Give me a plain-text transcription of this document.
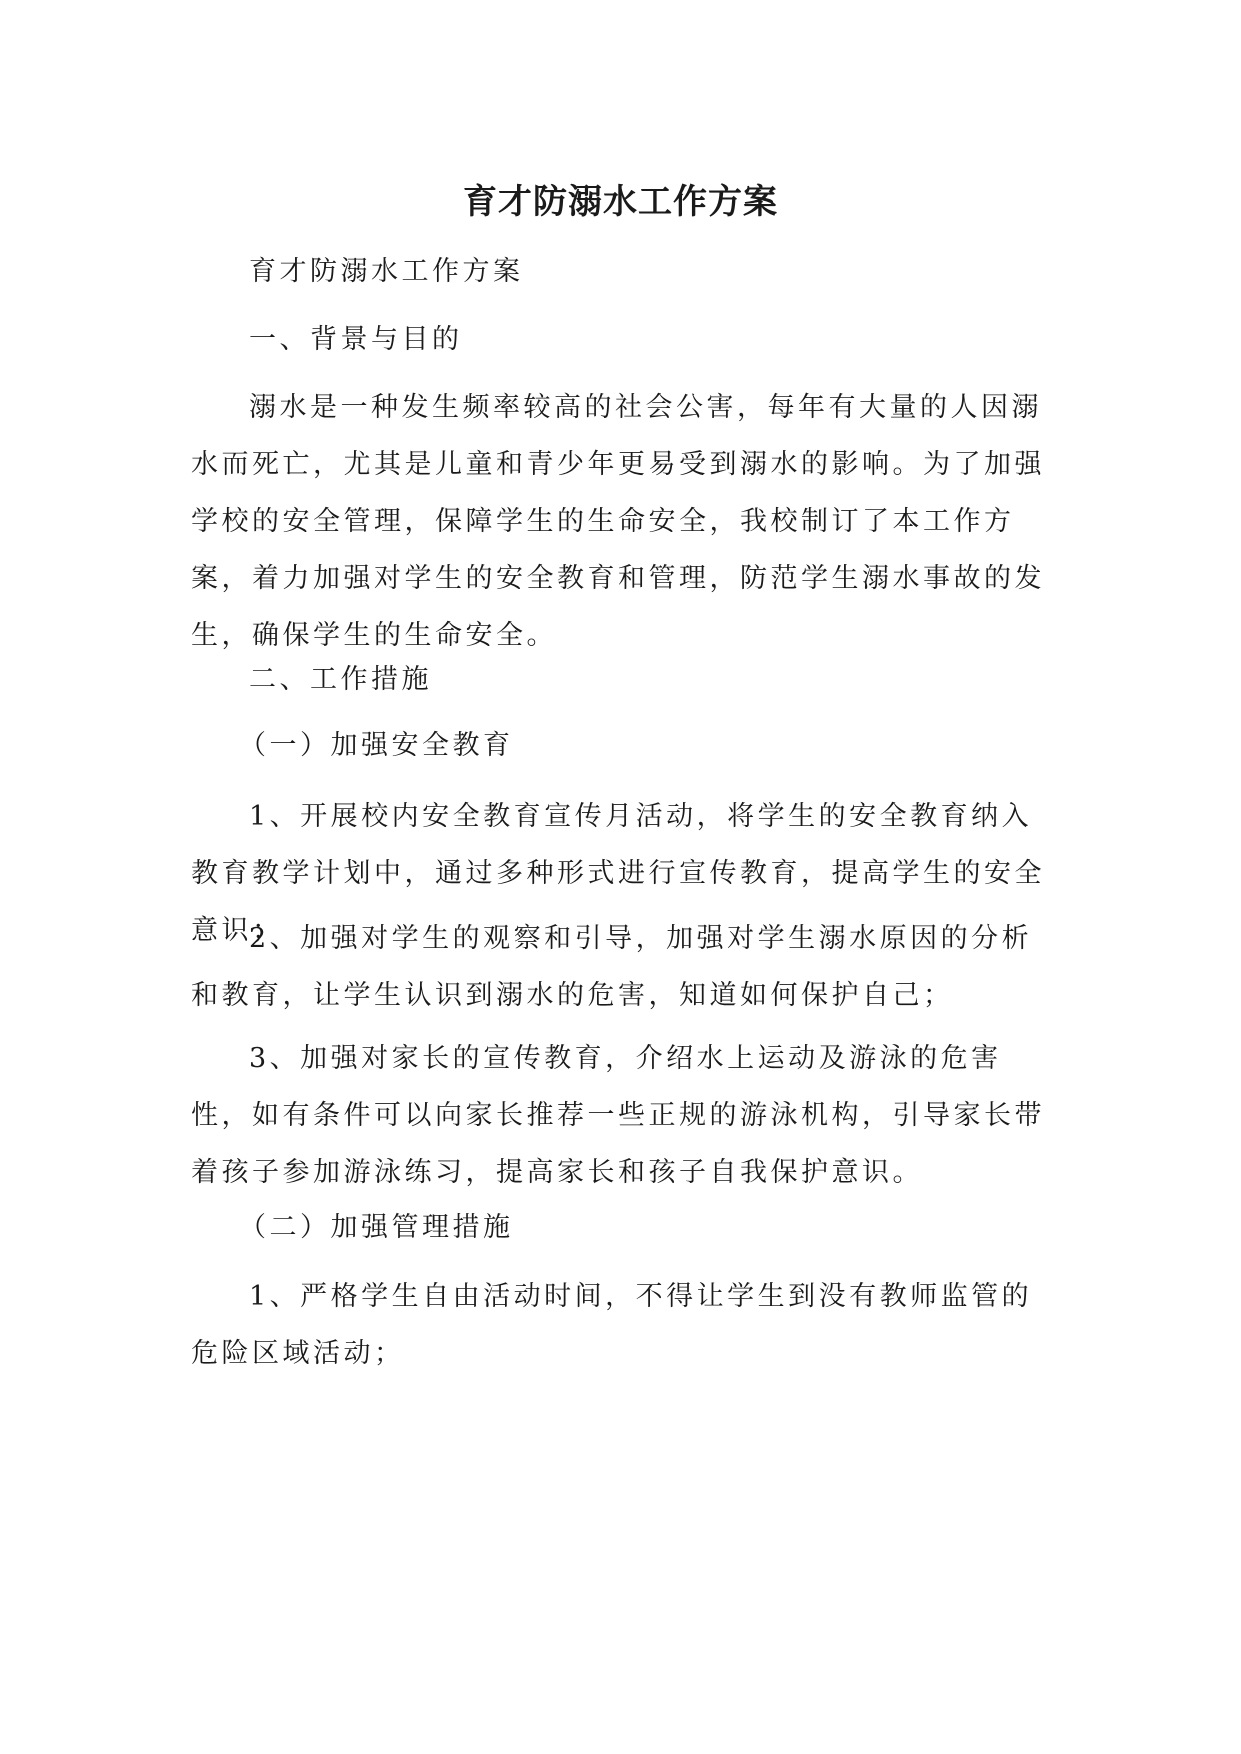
育才防溺水工作方案

育才防溺水工作方案

一、背景与目的

溺水是一种发生频率较高的社会公害，每年有大量的人因溺水而死亡，尤其是儿童和青少年更易受到溺水的影响。为了加强学校的安全管理，保障学生的生命安全，我校制订了本工作方案，着力加强对学生的安全教育和管理，防范学生溺水事故的发生，确保学生的生命安全。

二、工作措施

（一）加强安全教育

1、开展校内安全教育宣传月活动，将学生的安全教育纳入教育教学计划中，通过多种形式进行宣传教育，提高学生的安全意识；

2、加强对学生的观察和引导，加强对学生溺水原因的分析和教育，让学生认识到溺水的危害，知道如何保护自己；

3、加强对家长的宣传教育，介绍水上运动及游泳的危害性，如有条件可以向家长推荐一些正规的游泳机构，引导家长带着孩子参加游泳练习，提高家长和孩子自我保护意识。

（二）加强管理措施

1、严格学生自由活动时间，不得让学生到没有教师监管的危险区域活动；
